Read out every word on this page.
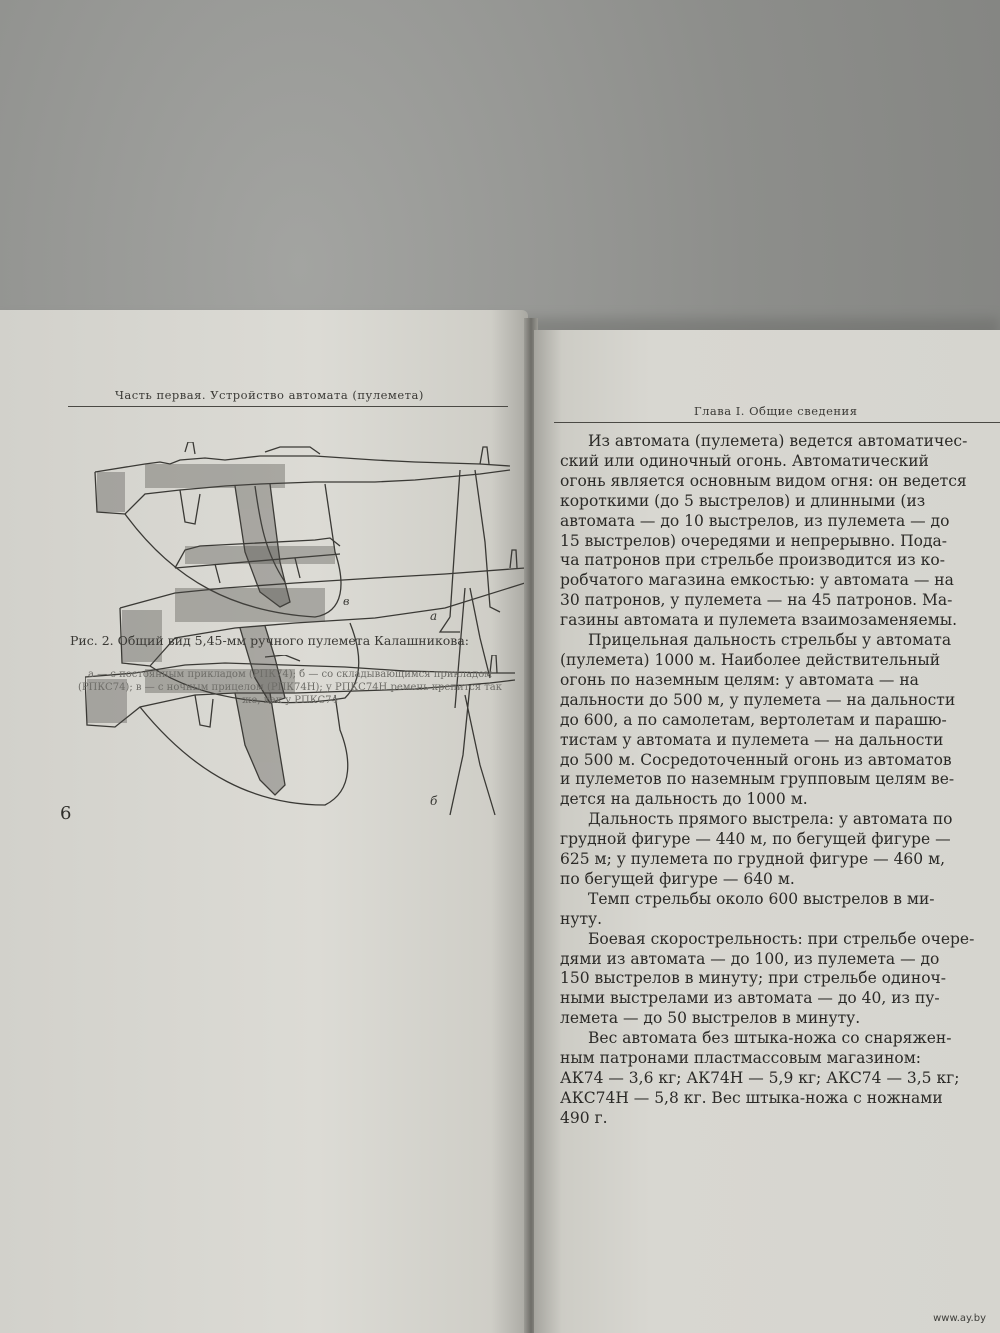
Часть первая. Устройство автомата (пулемета)
а
б
в
Рис. 2. Общий вид 5,45-мм ручного пулемета Калашникова:
а — с постоянным прикладом (РПК74); б — со складывающимся прикладом (РПКС74); в — с ночным прицелом (РПК74Н); у РПКС74Н ремень крепится так же, как у РПКС74
6
Глава I. Общие сведения

Из автомата (пулемета) ведется автоматичес-

ский или одиночный огонь. Автоматический

огонь является основным видом огня: он ведется

короткими (до 5 выстрелов) и длинными (из

автомата — до 10 выстрелов, из пулемета — до

15 выстрелов) очередями и непрерывно. Пода-

ча патронов при стрельбе производится из ко-

робчатого магазина емкостью: у автомата — на

30 патронов, у пулемета — на 45 патронов. Ма-

газины автомата и пулемета взаимозаменяемы.

Прицельная дальность стрельбы у автомата

(пулемета) 1000 м. Наиболее действительный

огонь по наземным целям: у автомата — на

дальности до 500 м, у пулемета — на дальности

до 600, а по самолетам, вертолетам и парашю-

тистам у автомата и пулемета — на дальности

до 500 м. Сосредоточенный огонь из автоматов

и пулеметов по наземным групповым целям ве-

дется на дальность до 1000 м.

Дальность прямого выстрела: у автомата по

грудной фигуре — 440 м, по бегущей фигуре —

625 м; у пулемета по грудной фигуре — 460 м,

по бегущей фигуре — 640 м.

Темп стрельбы около 600 выстрелов в ми-

нуту.

Боевая скорострельность: при стрельбе очере-

дями из автомата — до 100, из пулемета — до

150 выстрелов в минуту; при стрельбе одиноч-

ными выстрелами из автомата — до 40, из пу-

лемета — до 50 выстрелов в минуту.

Вес автомата без штыка-ножа со снаряжен-

ным патронами пластмассовым магазином:

АК74 — 3,6 кг; АК74Н — 5,9 кг; АКС74 — 3,5 кг;

АКС74Н — 5,8 кг. Вес штыка-ножа с ножнами

490 г.

www.ay.by
